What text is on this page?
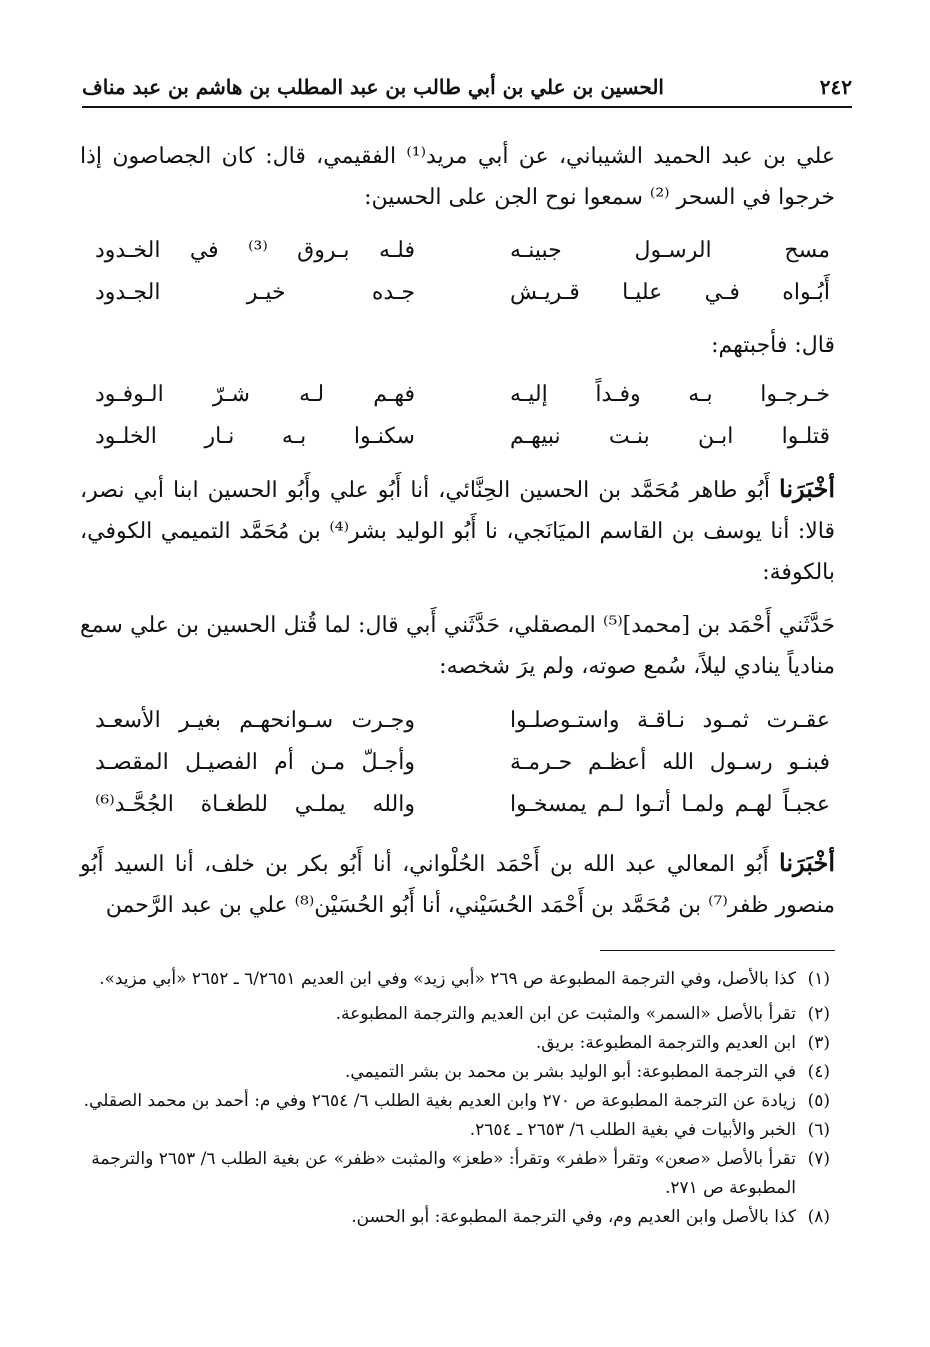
٢٤٢
الحسين بن علي بن أبي طالب بن عبد المطلب بن هاشم بن عبد مناف

علي بن عبد الحميد الشيباني، عن أبي مريد⁽¹⁾ الفقيمي، قال: كان الجصاصون إذا خرجوا في السحر ⁽²⁾ سمعوا نوح الجن على الحسين:

مسح الرسـول جبينـه
فلـه بـروق ⁽³⁾ في الخـدود
أَبُـواه فـي عليـا قـريـش
جـده خيـر الجـدود

قال: فأجبتهم:

خـرجـوا بـه وفـداً إليـه
فهـم لـه شـرّ الـوفـود
قتلـوا ابـن بنـت نبيهـم
سكنـوا بـه نـار الخلـود

أخْبَرَنا أَبُو طاهر مُحَمَّد بن الحسين الحِنَّائي، أنا أَبُو علي وأَبُو الحسين ابنا أبي نصر، قالا: أنا يوسف بن القاسم الميَانَجي، نا أَبُو الوليد بشر⁽⁴⁾ بن مُحَمَّد التميمي الكوفي، بالكوفة:

حَدَّثَني أَحْمَد بن [محمد]⁽⁵⁾ المصقلي، حَدَّثَني أَبي قال: لما قُتل الحسين بن علي سمع منادياً ينادي ليلاً، سُمع صوته، ولم يرَ شخصه:

عقـرت ثمـود نـاقـة واستـوصلـوا
وجـرت سـوانحهـم بغيـر الأسعـد
فبنـو رسـول الله أعظـم حـرمـة
وأجـلّ مـن أم الفصيـل المقصـد
عجبـاً لهـم ولمـا أتـوا لـم يمسخـوا
والله يملـي للطغـاة الجُحَّـد⁽⁶⁾

أخْبَرَنا أَبُو المعالي عبد الله بن أَحْمَد الحُلْواني، أنا أَبُو بكر بن خلف، أنا السيد أَبُو منصور ظفر⁽⁷⁾ بن مُحَمَّد بن أَحْمَد الحُسَيْني، أنا أَبُو الحُسَيْن⁽⁸⁾ علي بن عبد الرَّحمن

(١)
كذا بالأصل، وفي الترجمة المطبوعة ص ٢٦٩ «أبي زيد» وفي ابن العديم ٦/٢٦٥١ ـ ٢٦٥٢ «أبي مزيد».
(٢)
تقرأ بالأصل «السمر» والمثبت عن ابن العديم والترجمة المطبوعة.
(٣)
ابن العديم والترجمة المطبوعة: بريق.
(٤)
في الترجمة المطبوعة: أبو الوليد بشر بن محمد بن بشر التميمي.
(٥)
زيادة عن الترجمة المطبوعة ص ٢٧٠ وابن العديم بغية الطلب ٦/ ٢٦٥٤ وفي م: أحمد بن محمد الصقلي.
(٦)
الخبر والأبيات في بغية الطلب ٦/ ٢٦٥٣ ـ ٢٦٥٤.
(٧)
تقرأ بالأصل «صعن» وتقرأ «طفر» وتقرأ: «طعز» والمثبت «ظفر» عن بغية الطلب ٦/ ٢٦٥٣ والترجمة المطبوعة ص ٢٧١.
(٨)
كذا بالأصل وابن العديم وم، وفي الترجمة المطبوعة: أبو الحسن.
